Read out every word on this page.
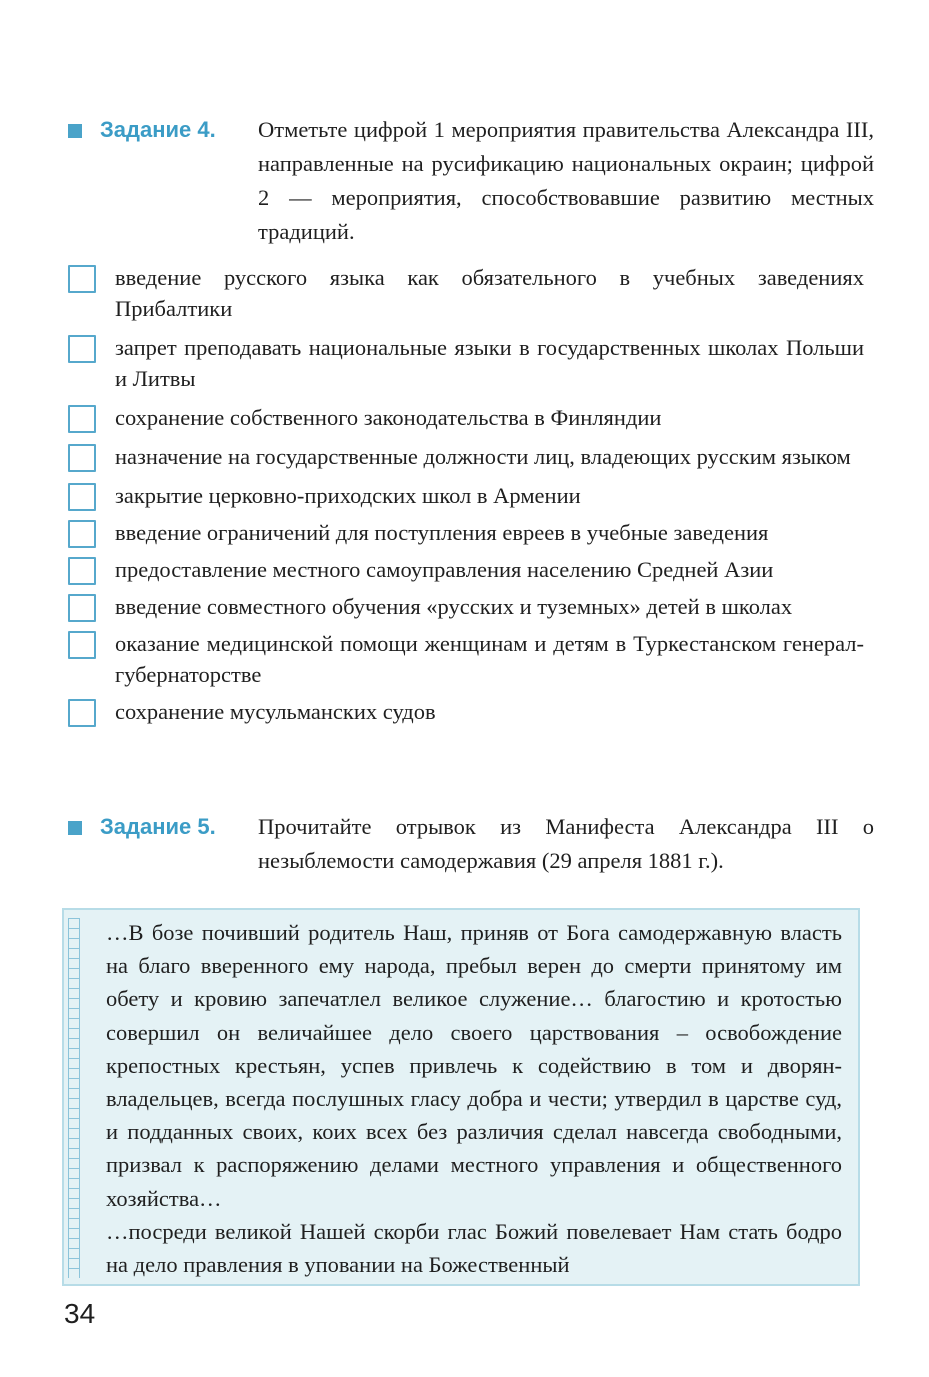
Задание 4.	Отметьте цифрой 1 мероприятия правительства Александра III, направленные на русификацию национальных окраин; цифрой 2 — мероприятия, способствовавшие развитию местных традиций.
введение русского языка как обязательного в учебных заведениях Прибалтики
запрет преподавать национальные языки в государственных школах Польши и Литвы
сохранение собственного законодательства в Финляндии
назначение на государственные должности лиц, владеющих русским языком
закрытие церковно-приходских школ в Армении
введение ограничений для поступления евреев в учебные заведения
предоставление местного самоуправления населению Средней Азии
введение совместного обучения «русских и туземных» детей в школах
оказание медицинской помощи женщинам и детям в Туркестанском генерал-губернаторстве
сохранение мусульманских судов
Задание 5.	Прочитайте отрывок из Манифеста Александра III о незыблемости самодержавия (29 апреля 1881 г.).

…В бозе почивший родитель Наш, приняв от Бога самодержавную власть на благо вверенного ему народа, пребыл верен до смерти принятому им обету и кровию запечатлел великое служение… благостию и кротостью совершил он величайшее дело своего царствования – освобождение крепостных крестьян, успев привлечь к содействию в том и дворян-владельцев, всегда послушных гласу добра и чести; утвердил в царстве суд, и подданных своих, коих всех без различия сделал навсегда свободными, призвал к распоряжению делами местного управления и общественного хозяйства…

…посреди великой Нашей скорби глас Божий повелевает Нам стать бодро на дело правления в уповании на Божественный

34
